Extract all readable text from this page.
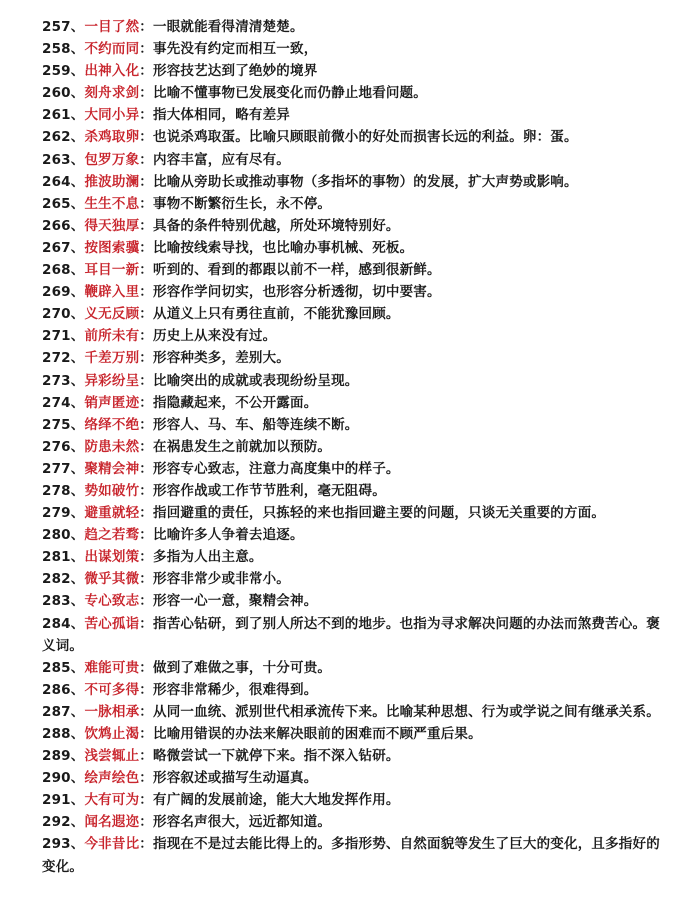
257、一目了然：一眼就能看得清清楚楚。
258、不约而同：事先没有约定而相互一致，
259、出神入化：形容技艺达到了绝妙的境界
260、刻舟求剑：比喻不懂事物已发展变化而仍静止地看问题。
261、大同小异：指大体相同，略有差异
262、杀鸡取卵：也说杀鸡取蛋。比喻只顾眼前微小的好处而损害长远的利益。卵：蛋。
263、包罗万象：内容丰富，应有尽有。
264、推波助澜：比喻从旁助长或推动事物（多指坏的事物）的发展，扩大声势或影响。
265、生生不息：事物不断繁衍生长，永不停。
266、得天独厚：具备的条件特别优越，所处环境特别好。
267、按图索骥：比喻按线索导找，也比喻办事机械、死板。
268、耳目一新：听到的、看到的都跟以前不一样，感到很新鲜。
269、鞭辟入里：形容作学问切实，也形容分析透彻，切中要害。
270、义无反顾：从道义上只有勇往直前，不能犹豫回顾。
271、前所未有：历史上从来没有过。
272、千差万别：形容种类多，差别大。
273、异彩纷呈：比喻突出的成就或表现纷纷呈现。
274、销声匿迹：指隐藏起来，不公开露面。
275、络绎不绝：形容人、马、车、船等连续不断。
276、防患未然：在祸患发生之前就加以预防。
277、聚精会神：形容专心致志，注意力高度集中的样子。
278、势如破竹：形容作战或工作节节胜利，毫无阻碍。
279、避重就轻：指回避重的责任，只拣轻的来也指回避主要的问题，只谈无关重要的方面。
280、趋之若骛：比喻许多人争着去追逐。
281、出谋划策：多指为人出主意。
282、微乎其微：形容非常少或非常小。
283、专心致志：形容一心一意，聚精会神。
284、苦心孤诣：指苦心钻研，到了别人所达不到的地步。也指为寻求解决问题的办法而煞费苦心。褒义词。
285、难能可贵：做到了难做之事，十分可贵。
286、不可多得：形容非常稀少，很难得到。
287、一脉相承：从同一血统、派别世代相承流传下来。比喻某种思想、行为或学说之间有继承关系。
288、饮鸩止渴：比喻用错误的办法来解决眼前的困难而不顾严重后果。
289、浅尝辄止：略微尝试一下就停下来。指不深入钻研。
290、绘声绘色：形容叙述或描写生动逼真。
291、大有可为：有广阔的发展前途，能大大地发挥作用。
292、闻名遐迩：形容名声很大，远近都知道。
293、今非昔比：指现在不是过去能比得上的。多指形势、自然面貌等发生了巨大的变化，且多指好的变化。
